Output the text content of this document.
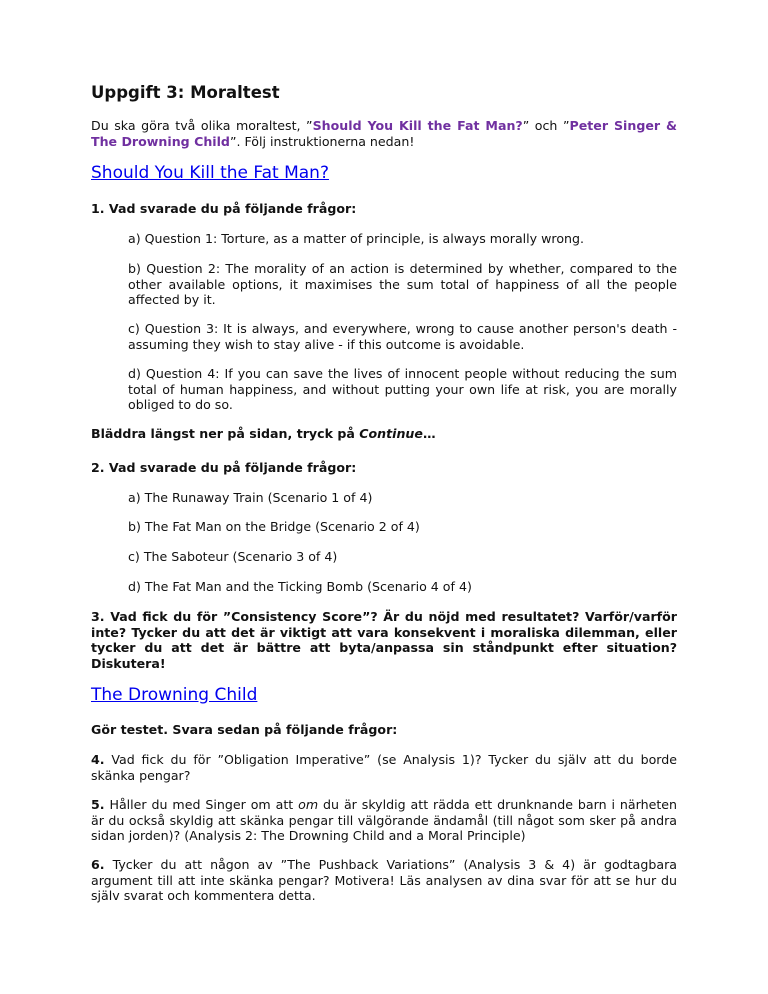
Uppgift 3: Moraltest
Du ska göra två olika moraltest, ”Should You Kill the Fat Man?” och ”Peter Singer & The Drowning Child”. Följ instruktionerna nedan!
Should You Kill the Fat Man?
1. Vad svarade du på följande frågor:
a) Question 1: Torture, as a matter of principle, is always morally wrong.
b) Question 2: The morality of an action is determined by whether, compared to the other available options, it maximises the sum total of happiness of all the people affected by it.
c) Question 3: It is always, and everywhere, wrong to cause another person's death - assuming they wish to stay alive - if this outcome is avoidable.
d) Question 4: If you can save the lives of innocent people without reducing the sum total of human happiness, and without putting your own life at risk, you are morally obliged to do so.
Bläddra längst ner på sidan, tryck på Continue…
2. Vad svarade du på följande frågor:
a) The Runaway Train (Scenario 1 of 4)
b) The Fat Man on the Bridge (Scenario 2 of 4)
c) The Saboteur (Scenario 3 of 4)
d) The Fat Man and the Ticking Bomb (Scenario 4 of 4)
3. Vad fick du för ”Consistency Score”? Är du nöjd med resultatet? Varför/varför inte? Tycker du att det är viktigt att vara konsekvent i moraliska dilemman, eller tycker du att det är bättre att byta/anpassa sin ståndpunkt efter situation? Diskutera!
The Drowning Child
Gör testet. Svara sedan på följande frågor:
4. Vad fick du för ”Obligation Imperative” (se Analysis 1)? Tycker du själv att du borde skänka pengar?
5. Håller du med Singer om att om du är skyldig att rädda ett drunknande barn i närheten är du också skyldig att skänka pengar till välgörande ändamål (till något som sker på andra sidan jorden)? (Analysis 2: The Drowning Child and a Moral Principle)
6. Tycker du att någon av ”The Pushback Variations” (Analysis 3 & 4) är godtagbara argument till att inte skänka pengar? Motivera! Läs analysen av dina svar för att se hur du själv svarat och kommentera detta.
